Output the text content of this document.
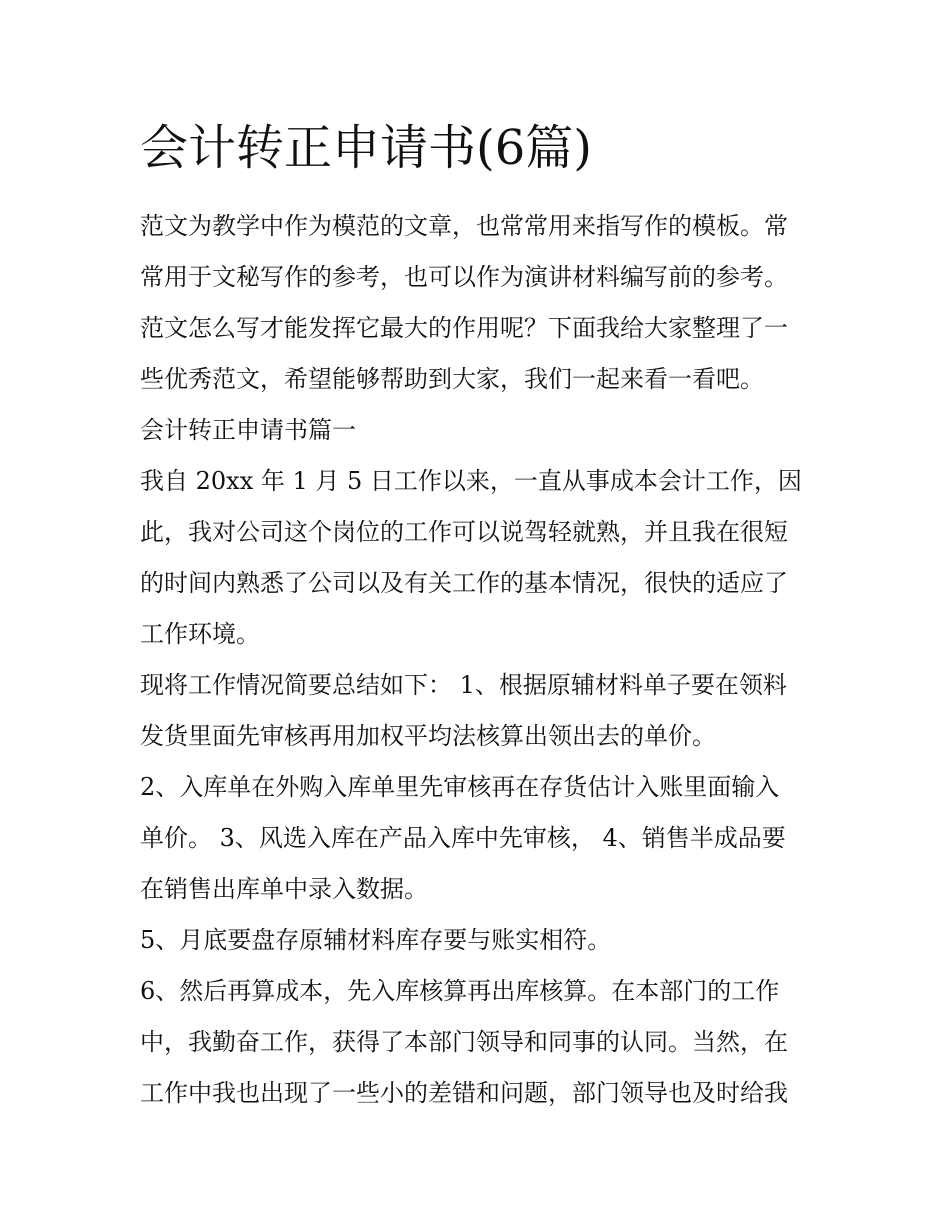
会计转正申请书(6篇)
范文为教学中作为模范的文章，也常常用来指写作的模板。常
常用于文秘写作的参考，也可以作为演讲材料编写前的参考。
范文怎么写才能发挥它最大的作用呢？下面我给大家整理了一
些优秀范文，希望能够帮助到大家，我们一起来看一看吧。
会计转正申请书篇一
我自 20xx 年 1 月 5 日工作以来，一直从事成本会计工作，因
此，我对公司这个岗位的工作可以说驾轻就熟，并且我在很短
的时间内熟悉了公司以及有关工作的基本情况，很快的适应了
工作环境。
现将工作情况简要总结如下： 1、根据原辅材料单子要在领料
发货里面先审核再用加权平均法核算出领出去的单价。
2、入库单在外购入库单里先审核再在存货估计入账里面输入
单价。 3、风选入库在产品入库中先审核， 4、销售半成品要
在销售出库单中录入数据。
5、月底要盘存原辅材料库存要与账实相符。
6、然后再算成本，先入库核算再出库核算。在本部门的工作
中，我勤奋工作，获得了本部门领导和同事的认同。当然，在
工作中我也出现了一些小的差错和问题，部门领导也及时给我
